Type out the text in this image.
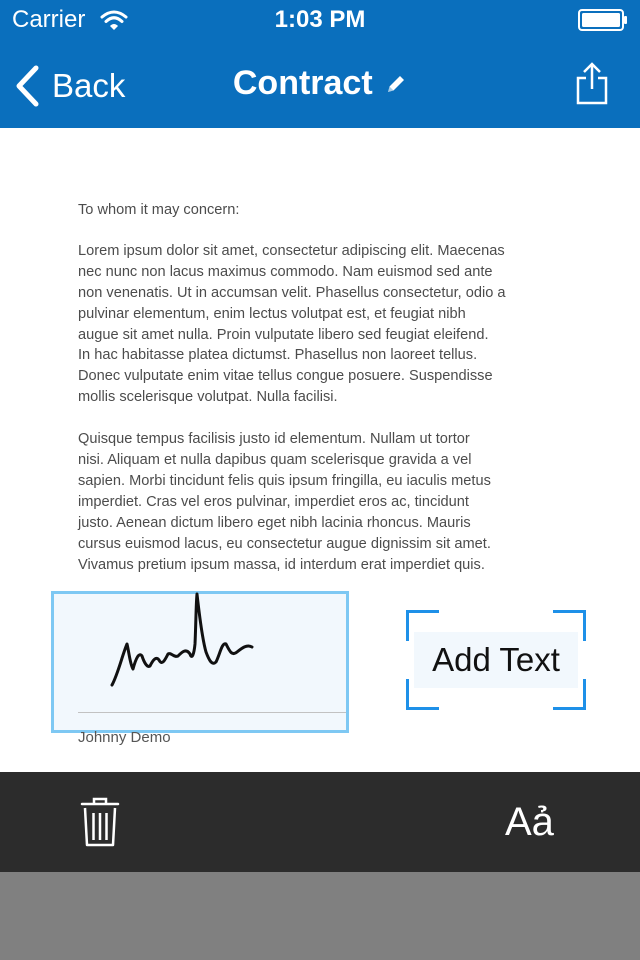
Carrier	1:03 PM
Back	Contract

To whom it may concern:

Lorem ipsum dolor sit amet, consectetur adipiscing elit. Maecenas
nec nunc non lacus maximus commodo. Nam euismod sed ante
non venenatis. Ut in accumsan velit. Phasellus consectetur, odio a
pulvinar elementum, enim lectus volutpat est, et feugiat nibh
augue sit amet nulla. Proin vulputate libero sed feugiat eleifend.
In hac habitasse platea dictumst. Phasellus non laoreet tellus.
Donec vulputate enim vitae tellus congue posuere. Suspendisse
mollis scelerisque volutpat. Nulla facilisi.

Quisque tempus facilisis justo id elementum. Nullam ut tortor
nisi. Aliquam et nulla dapibus quam scelerisque gravida a vel
sapien. Morbi tincidunt felis quis ipsum fringilla, eu iaculis metus
imperdiet. Cras vel eros pulvinar, imperdiet eros ac, tincidunt
justo. Aenean dictum libero eget nibh lacinia rhoncus. Mauris
cursus euismod lacus, eu consectetur augue dignissim sit amet.
Vivamus pretium ipsum massa, id interdum erat imperdiet quis.

Johnny Demo
Add Text
Aả
